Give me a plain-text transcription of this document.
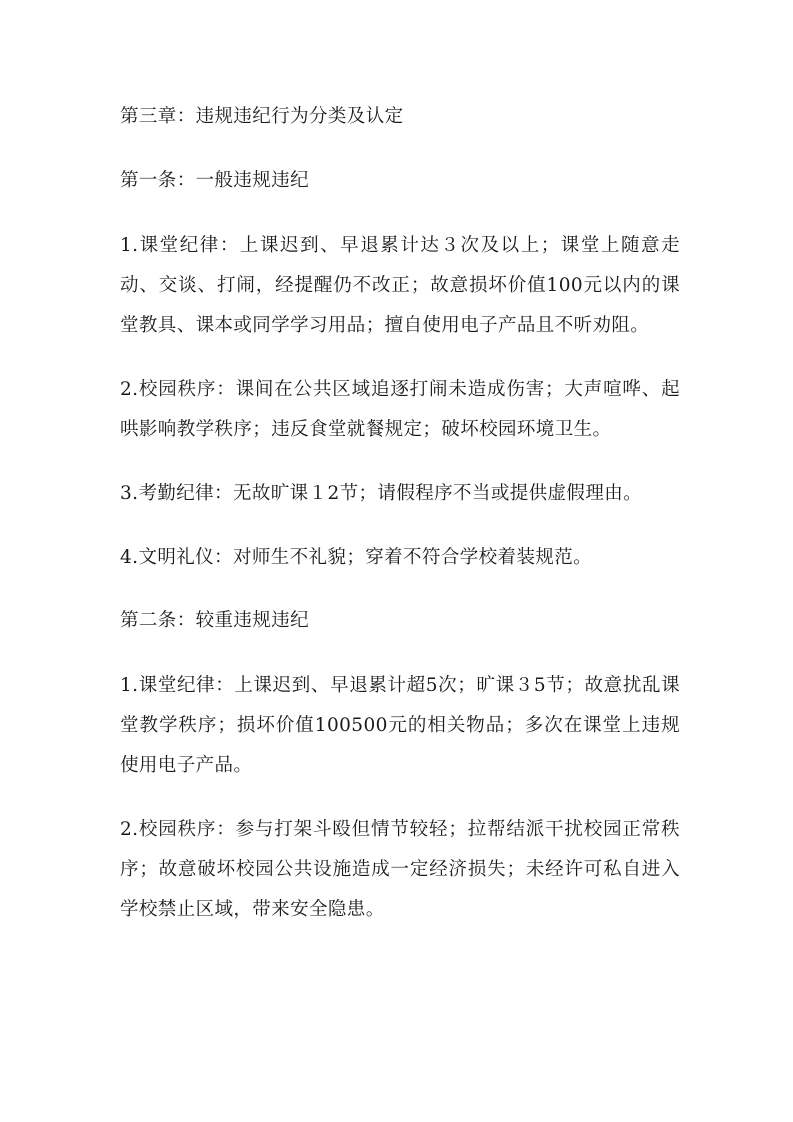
第三章：违规违纪行为分类及认定
第一条：一般违规违纪
1.课堂纪律：上课迟到、早退累计达３次及以上；课堂上随意走动、交谈、打闹，经提醒仍不改正；故意损坏价值100元以内的课堂教具、课本或同学学习用品；擅自使用电子产品且不听劝阻。
2.校园秩序：课间在公共区域追逐打闹未造成伤害；大声喧哗、起哄影响教学秩序；违反食堂就餐规定；破坏校园环境卫生。
3.考勤纪律：无故旷课１2节；请假程序不当或提供虚假理由。
4.文明礼仪：对师生不礼貌；穿着不符合学校着装规范。
第二条：较重违规违纪
1.课堂纪律：上课迟到、早退累计超5次；旷课３5节；故意扰乱课堂教学秩序；损坏价值100500元的相关物品；多次在课堂上违规使用电子产品。
2.校园秩序：参与打架斗殴但情节较轻；拉帮结派干扰校园正常秩序；故意破坏校园公共设施造成一定经济损失；未经许可私自进入学校禁止区域，带来安全隐患。
